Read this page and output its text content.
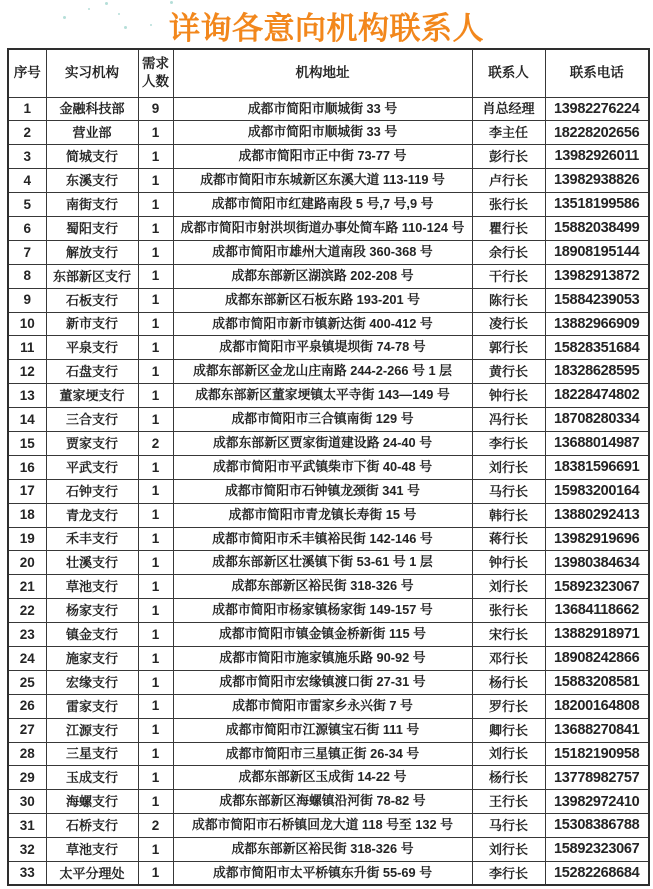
详询各意向机构联系人
序号	实习机构	需求人数	机构地址	联系人	联系电话
1	金融科技部	9	成都市简阳市顺城街 33 号	肖总经理	13982276224
2	营业部	1	成都市简阳市顺城街 33 号	李主任	18228202656
3	简城支行	1	成都市简阳市正中街 73-77 号	彭行长	13982926011
4	东溪支行	1	成都市简阳市东城新区东溪大道 113-119 号	卢行长	13982938826
5	南街支行	1	成都市简阳市红建路南段 5 号,7 号,9 号	张行长	13518199586
6	蜀阳支行	1	成都市简阳市射洪坝街道办事处简车路 110-124 号	瞿行长	15882038499
7	解放支行	1	成都市简阳市雄州大道南段 360-368 号	余行长	18908195144
8	东部新区支行	1	成都东部新区湖滨路 202-208 号	干行长	13982913872
9	石板支行	1	成都东部新区石板东路 193-201 号	陈行长	15884239053
10	新市支行	1	成都市简阳市新市镇新达街 400-412 号	凌行长	13882966909
11	平泉支行	1	成都市简阳市平泉镇堤坝街 74-78 号	郭行长	15828351684
12	石盘支行	1	成都东部新区金龙山庄南路 244-2-266 号 1 层	黄行长	18328628595
13	董家埂支行	1	成都东部新区董家埂镇太平寺街 143—149 号	钟行长	18228474802
14	三合支行	1	成都市简阳市三合镇南街 129 号	冯行长	18708280334
15	贾家支行	2	成都东部新区贾家街道建设路 24-40 号	李行长	13688014987
16	平武支行	1	成都市简阳市平武镇柴市下街 40-48 号	刘行长	18381596691
17	石钟支行	1	成都市简阳市石钟镇龙颈街 341 号	马行长	15983200164
18	青龙支行	1	成都市简阳市青龙镇长寿街 15 号	韩行长	13880292413
19	禾丰支行	1	成都市简阳市禾丰镇裕民街 142-146 号	蒋行长	13982919696
20	壮溪支行	1	成都东部新区壮溪镇下街 53-61 号 1 层	钟行长	13980384634
21	草池支行	1	成都东部新区裕民街 318-326 号	刘行长	15892323067
22	杨家支行	1	成都市简阳市杨家镇杨家街 149-157 号	张行长	13684118662
23	镇金支行	1	成都市简阳市镇金镇金桥新街 115 号	宋行长	13882918971
24	施家支行	1	成都市简阳市施家镇施乐路 90-92 号	邓行长	18908242866
25	宏缘支行	1	成都市简阳市宏缘镇渡口街 27-31 号	杨行长	15883208581
26	雷家支行	1	成都市简阳市雷家乡永兴街 7 号	罗行长	18200164808
27	江源支行	1	成都市简阳市江源镇宝石街 111 号	卿行长	13688270841
28	三星支行	1	成都市简阳市三星镇正街 26-34 号	刘行长	15182190958
29	玉成支行	1	成都东部新区玉成街 14-22 号	杨行长	13778982757
30	海螺支行	1	成都东部新区海螺镇沿河街 78-82 号	王行长	13982972410
31	石桥支行	2	成都市简阳市石桥镇回龙大道 118 号至 132 号	马行长	15308386788
32	草池支行	1	成都东部新区裕民街 318-326 号	刘行长	15892323067
33	太平分理处	1	成都市简阳市太平桥镇东升街 55-69 号	李行长	15282268684
